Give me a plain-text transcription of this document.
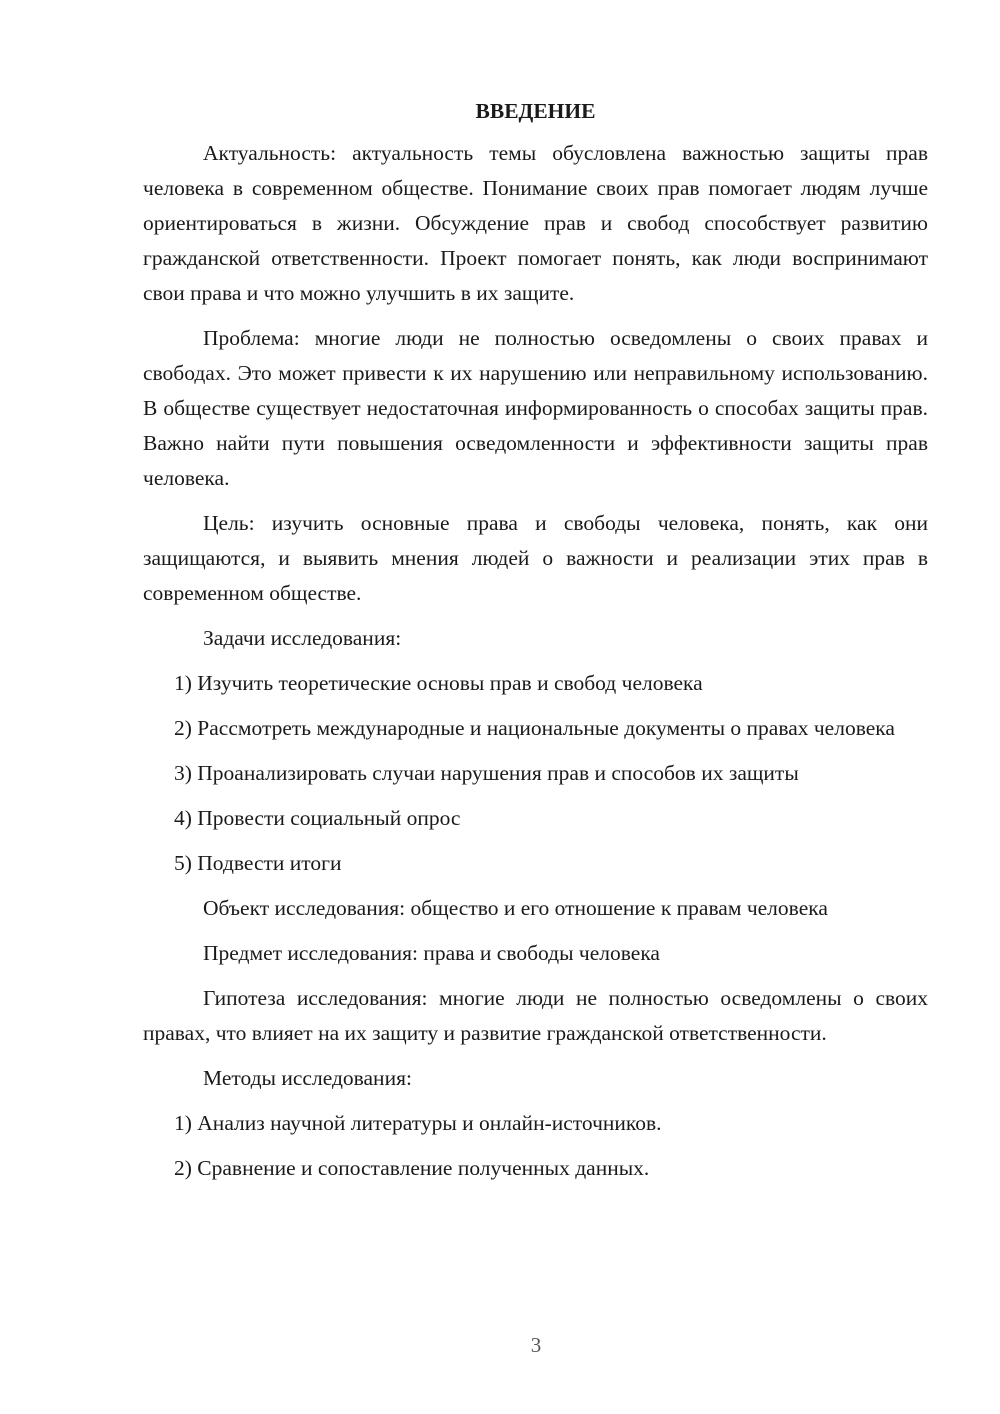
ВВЕДЕНИЕ

Актуальность: актуальность темы обусловлена важностью защиты прав человека в современном обществе. Понимание своих прав помогает людям лучше ориентироваться в жизни. Обсуждение прав и свобод способствует развитию гражданской ответственности. Проект помогает понять, как люди воспринимают свои права и что можно улучшить в их защите.

Проблема: многие люди не полностью осведомлены о своих правах и свободах. Это может привести к их нарушению или неправильному использованию. В обществе существует недостаточная информированность о способах защиты прав. Важно найти пути повышения осведомленности и эффективности защиты прав человека.

Цель: изучить основные права и свободы человека, понять, как они защищаются, и выявить мнения людей о важности и реализации этих прав в современном обществе.

Задачи исследования:

1) Изучить теоретические основы прав и свобод человека

2) Рассмотреть международные и национальные документы о правах человека

3) Проанализировать случаи нарушения прав и способов их защиты

4) Провести социальный опрос

5) Подвести итоги

Объект исследования: общество и его отношение к правам человека

Предмет исследования: права и свободы человека

Гипотеза исследования: многие люди не полностью осведомлены о своих правах, что влияет на их защиту и развитие гражданской ответственности.

Методы исследования:

1) Анализ научной литературы и онлайн-источников.

2) Сравнение и сопоставление полученных данных.

3
